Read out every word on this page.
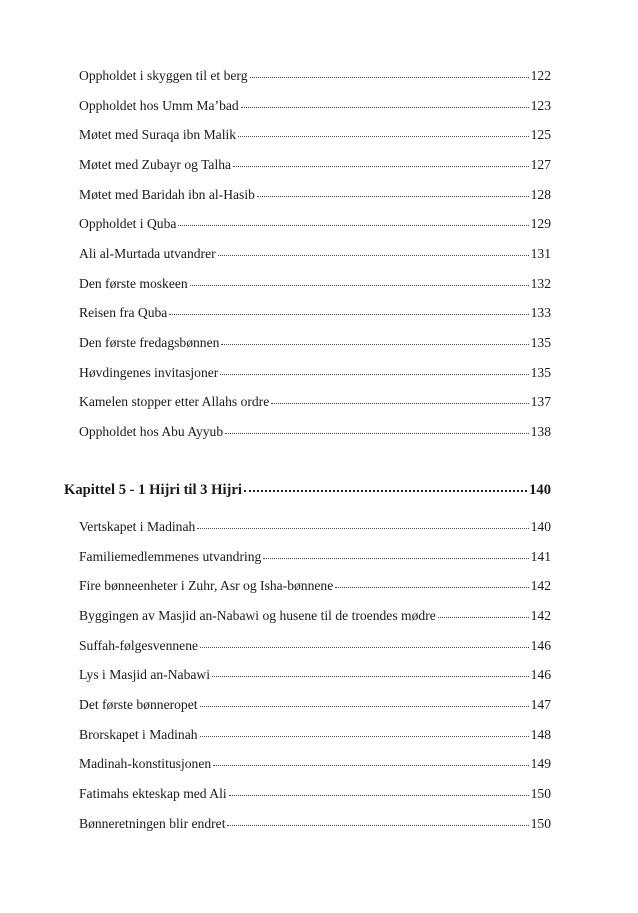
Oppholdet i skyggen til et berg	122
Oppholdet hos Umm Ma’bad	123
Møtet med Suraqa ibn Malik	125
Møtet med Zubayr og Talha	127
Møtet med Baridah ibn al-Hasib	128
Oppholdet i Quba	129
Ali al-Murtada utvandrer	131
Den første moskeen	132
Reisen fra Quba	133
Den første fredagsbønnen	135
Høvdingenes invitasjoner	135
Kamelen stopper etter Allahs ordre	137
Oppholdet hos Abu Ayyub	138
Kapittel 5 - 1 Hijri til 3 Hijri	140
Vertskapet i Madinah	140
Familiemedlemmenes utvandring	141
Fire bønneenheter i Zuhr, Asr og Isha-bønnene	142
Byggingen av Masjid an-Nabawi og husene til de troendes mødre	142
Suffah-følgesvennene	146
Lys i Masjid an-Nabawi	146
Det første bønneropet	147
Brorskapet i Madinah	148
Madinah-konstitusjonen	149
Fatimahs ekteskap med Ali	150
Bønneretningen blir endret	150
